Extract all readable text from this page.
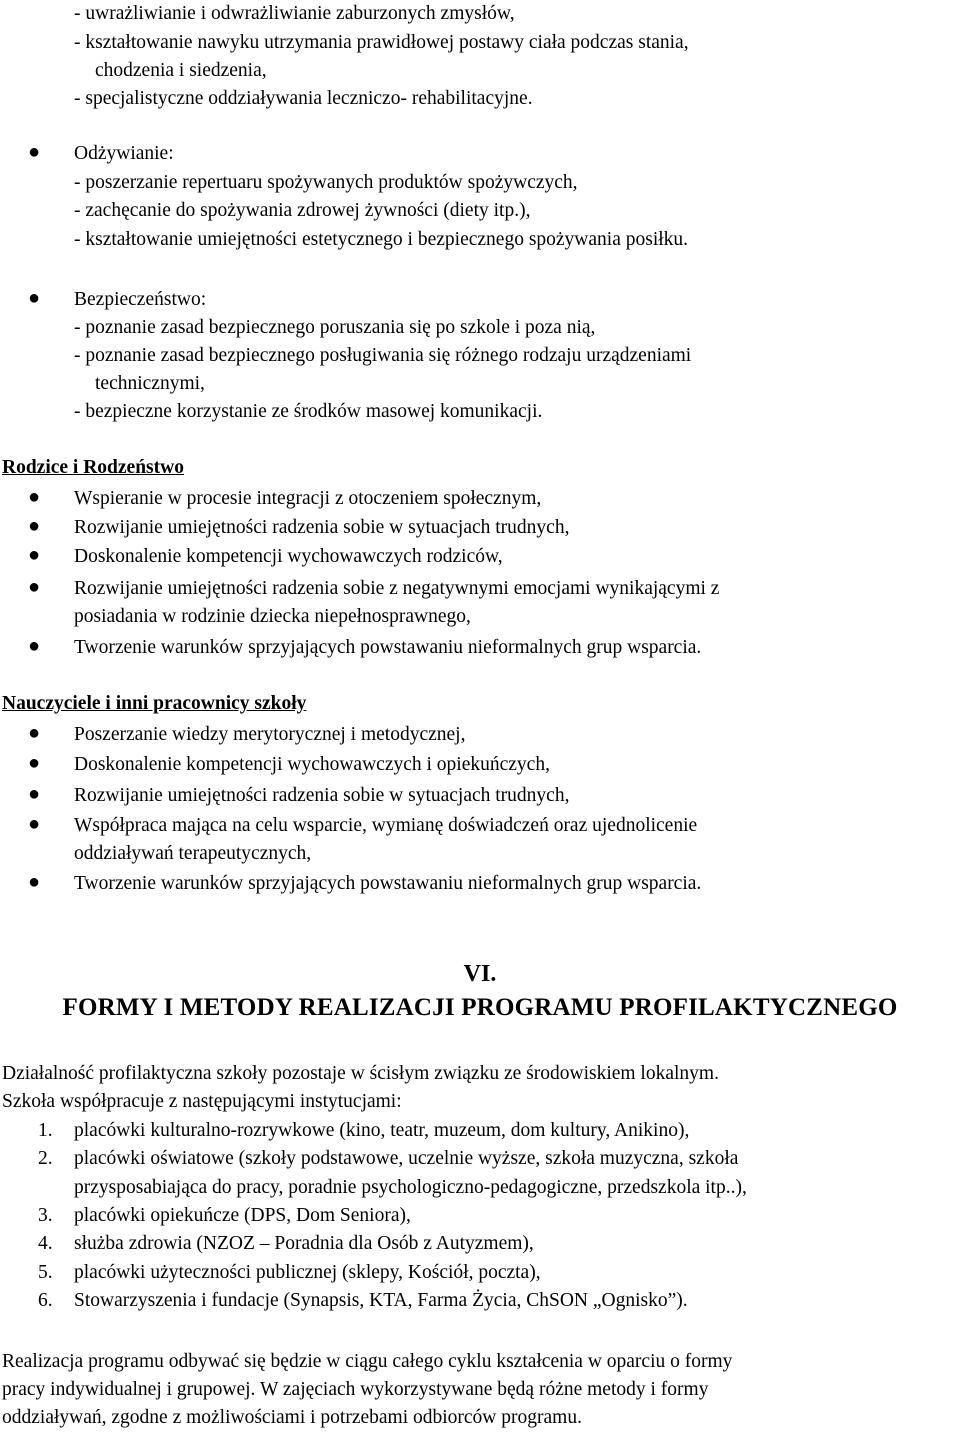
- uwrażliwianie i odwrażliwianie zaburzonych zmysłów,
- kształtowanie nawyku utrzymania prawidłowej postawy ciała podczas stania,
chodzenia i siedzenia,
- specjalistyczne oddziaływania leczniczo- rehabilitacyjne.
● Odżywianie:
- poszerzanie repertuaru spożywanych produktów spożywczych,
- zachęcanie do spożywania zdrowej żywności (diety itp.),
- kształtowanie umiejętności estetycznego i bezpiecznego spożywania posiłku.
● Bezpieczeństwo:
- poznanie zasad bezpiecznego poruszania się po szkole i poza nią,
- poznanie zasad bezpiecznego posługiwania się różnego rodzaju urządzeniami
technicznymi,
- bezpieczne korzystanie ze środków masowej komunikacji.
Rodzice i Rodzeństwo
● Wspieranie w procesie integracji z otoczeniem społecznym,
● Rozwijanie umiejętności radzenia sobie w sytuacjach trudnych,
● Doskonalenie kompetencji wychowawczych rodziców,
● Rozwijanie umiejętności radzenia sobie z negatywnymi emocjami wynikającymi z
posiadania w rodzinie dziecka niepełnosprawnego,
● Tworzenie warunków sprzyjających powstawaniu nieformalnych grup wsparcia.
Nauczyciele i inni pracownicy szkoły
● Poszerzanie wiedzy merytorycznej i metodycznej,
● Doskonalenie kompetencji wychowawczych i opiekuńczych,
● Rozwijanie umiejętności radzenia sobie w sytuacjach trudnych,
● Współpraca mająca na celu wsparcie, wymianę doświadczeń oraz ujednolicenie
oddziaływań terapeutycznych,
● Tworzenie warunków sprzyjających powstawaniu nieformalnych grup wsparcia.
VI.
FORMY I METODY REALIZACJI PROGRAMU PROFILAKTYCZNEGO
Działalność profilaktyczna szkoły pozostaje w ścisłym związku ze środowiskiem lokalnym.
Szkoła współpracuje z następującymi instytucjami:
1. placówki kulturalno-rozrywkowe (kino, teatr, muzeum, dom kultury, Anikino),
2. placówki oświatowe (szkoły podstawowe, uczelnie wyższe, szkoła muzyczna, szkoła
przysposabiająca do pracy, poradnie psychologiczno-pedagogiczne, przedszkola itp..),
3. placówki opiekuńcze (DPS, Dom Seniora),
4. służba zdrowia (NZOZ – Poradnia dla Osób z Autyzmem),
5. placówki użyteczności publicznej (sklepy, Kościół, poczta),
6. Stowarzyszenia i fundacje (Synapsis, KTA, Farma Życia, ChSON „Ognisko”).
Realizacja programu odbywać się będzie w ciągu całego cyklu kształcenia w oparciu o formy
pracy indywidualnej i grupowej. W zajęciach wykorzystywane będą różne metody i formy
oddziaływań, zgodne z możliwościami i potrzebami odbiorców programu.
